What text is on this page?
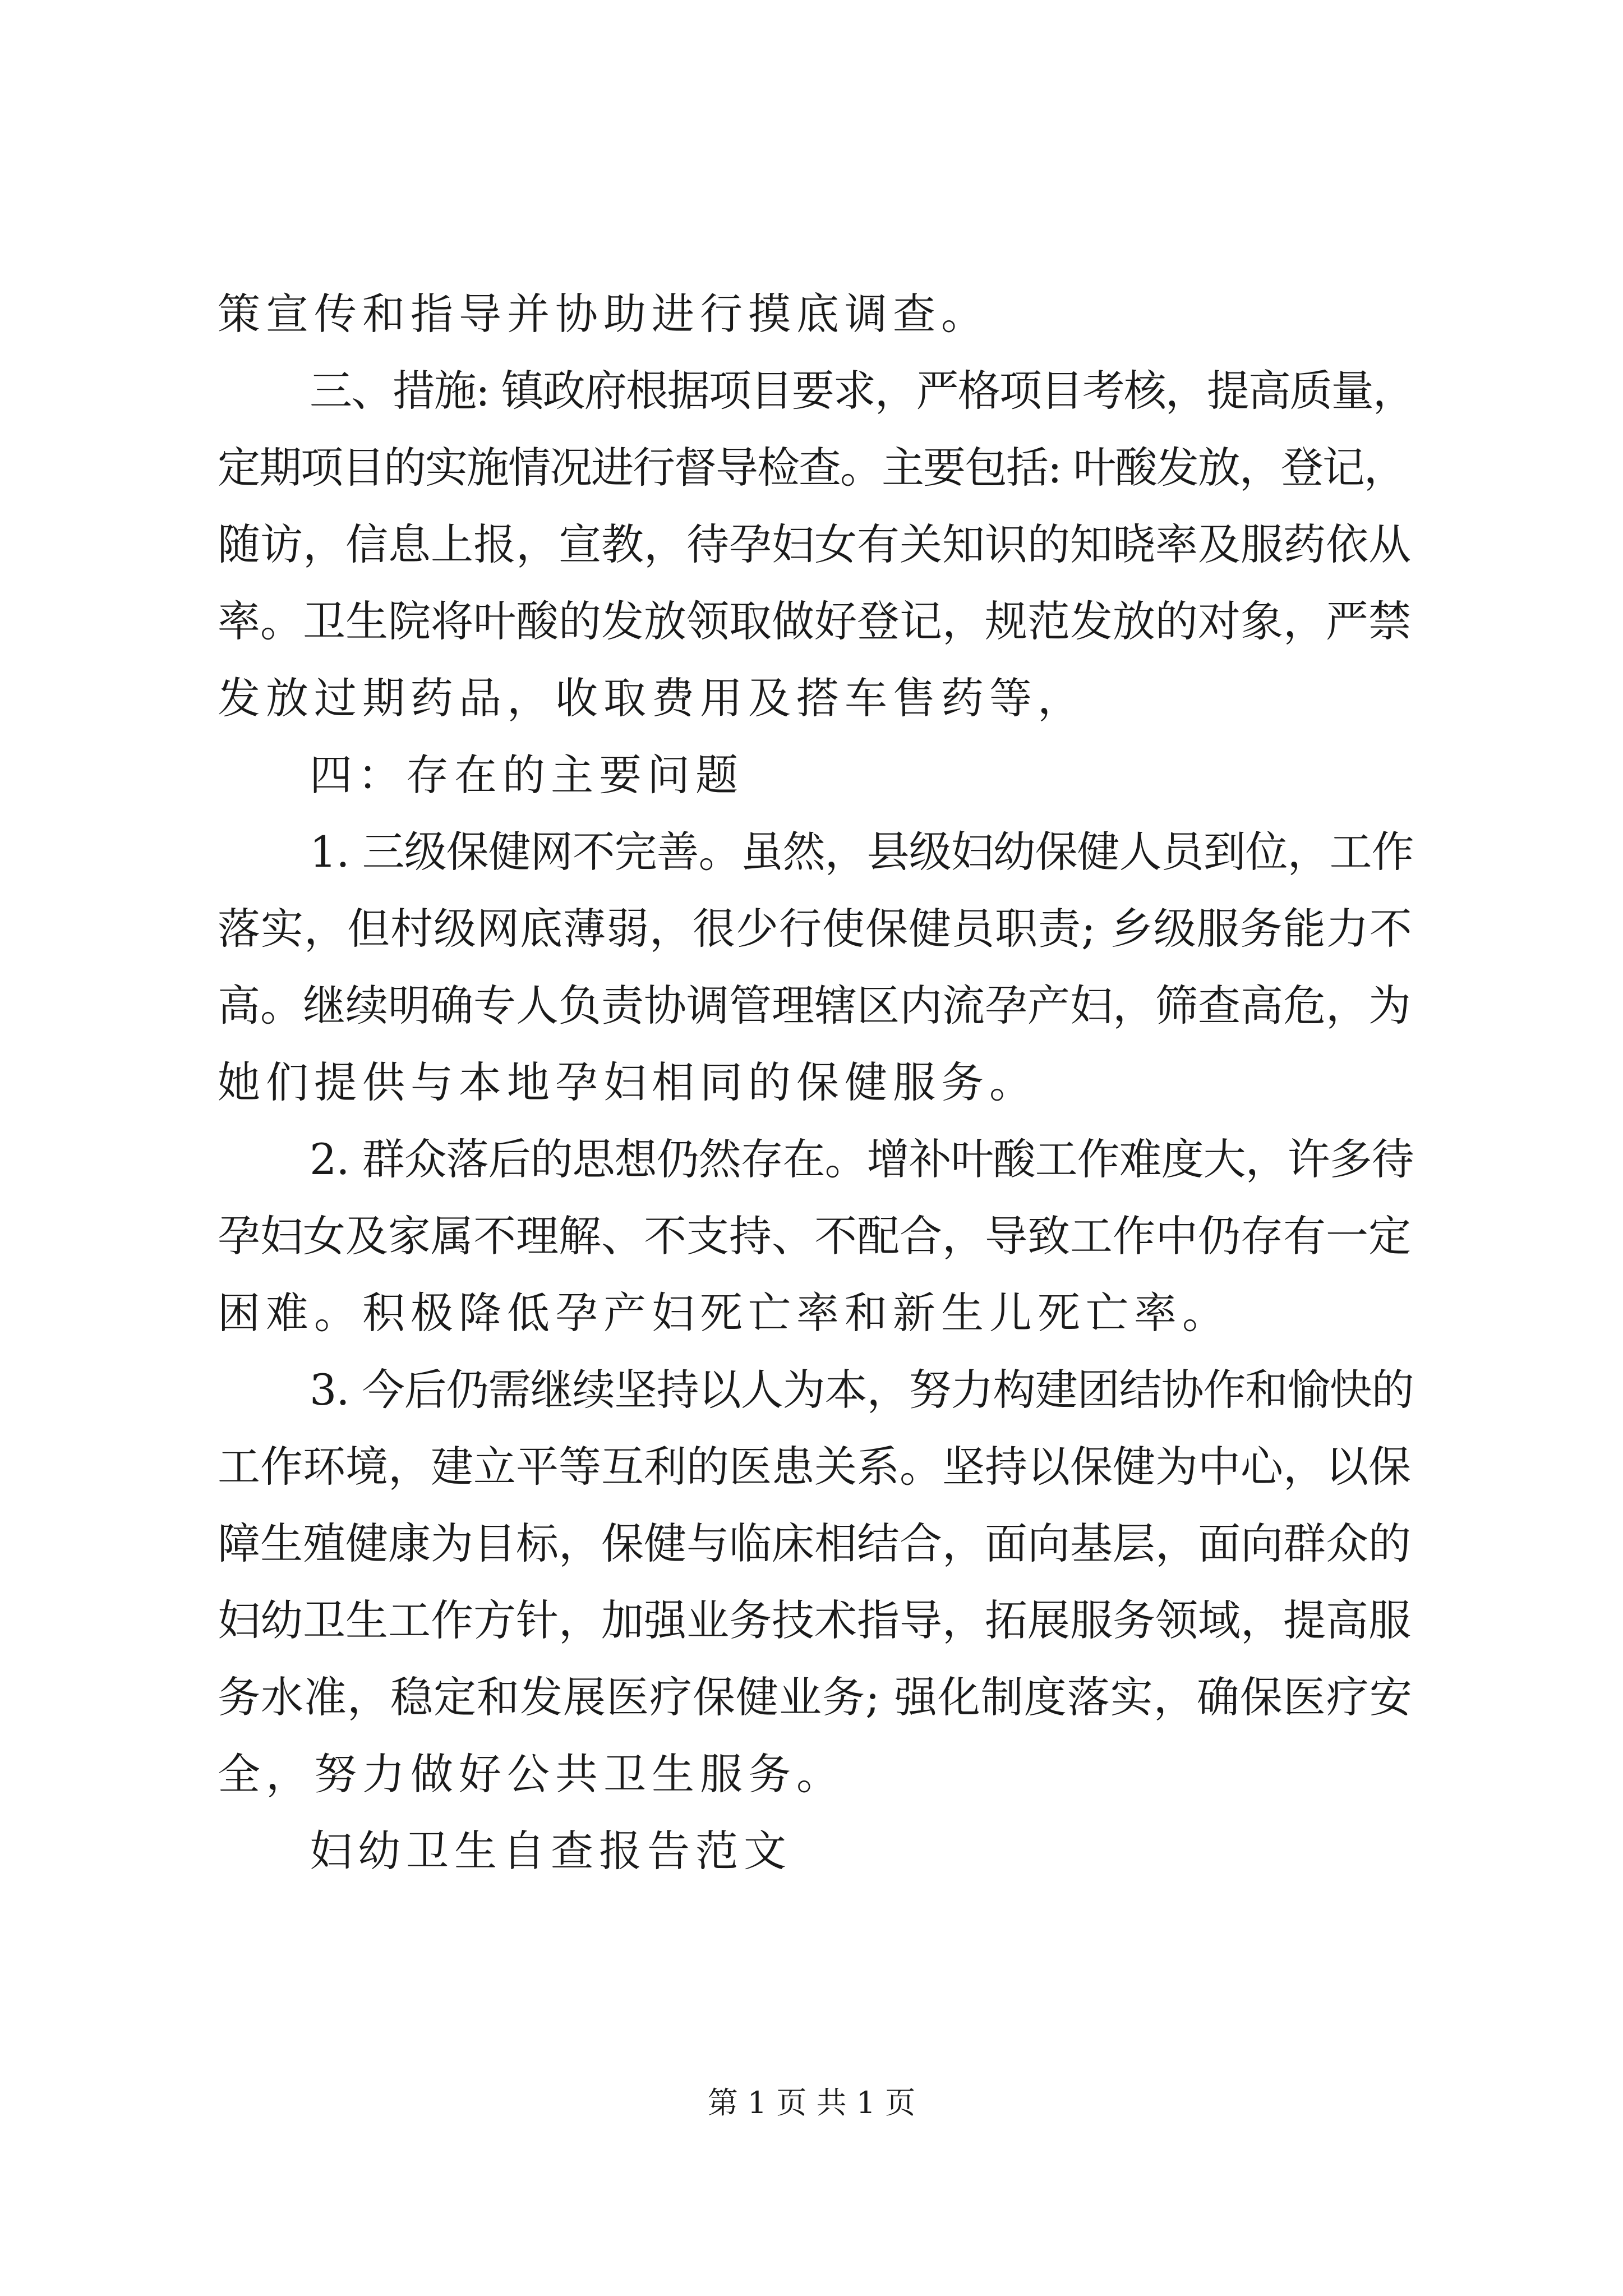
策宣传和指导并协助进行摸底调查。
三、措施: 镇政府根据项目要求，严格项目考核，提高质量，
定期项目的实施情况进行督导检查。主要包括: 叶酸发放，登记，
随访，信息上报，宣教，待孕妇女有关知识的知晓率及服药依从
率。卫生院将叶酸的发放领取做好登记，规范发放的对象，严禁
发放过期药品，收取费用及搭车售药等，
四：存在的主要问题
1. 三级保健网不完善。虽然，县级妇幼保健人员到位，工作
落实，但村级网底薄弱，很少行使保健员职责; 乡级服务能力不
高。继续明确专人负责协调管理辖区内流孕产妇，筛查高危，为
她们提供与本地孕妇相同的保健服务。
2. 群众落后的思想仍然存在。增补叶酸工作难度大，许多待
孕妇女及家属不理解、不支持、不配合，导致工作中仍存有一定
困难。积极降低孕产妇死亡率和新生儿死亡率。
3. 今后仍需继续坚持以人为本，努力构建团结协作和愉快的
工作环境，建立平等互利的医患关系。坚持以保健为中心，以保
障生殖健康为目标，保健与临床相结合，面向基层，面向群众的
妇幼卫生工作方针，加强业务技术指导，拓展服务领域，提高服
务水准，稳定和发展医疗保健业务; 强化制度落实，确保医疗安
全，努力做好公共卫生服务。
妇幼卫生自查报告范文
第 1 页 共 1 页
